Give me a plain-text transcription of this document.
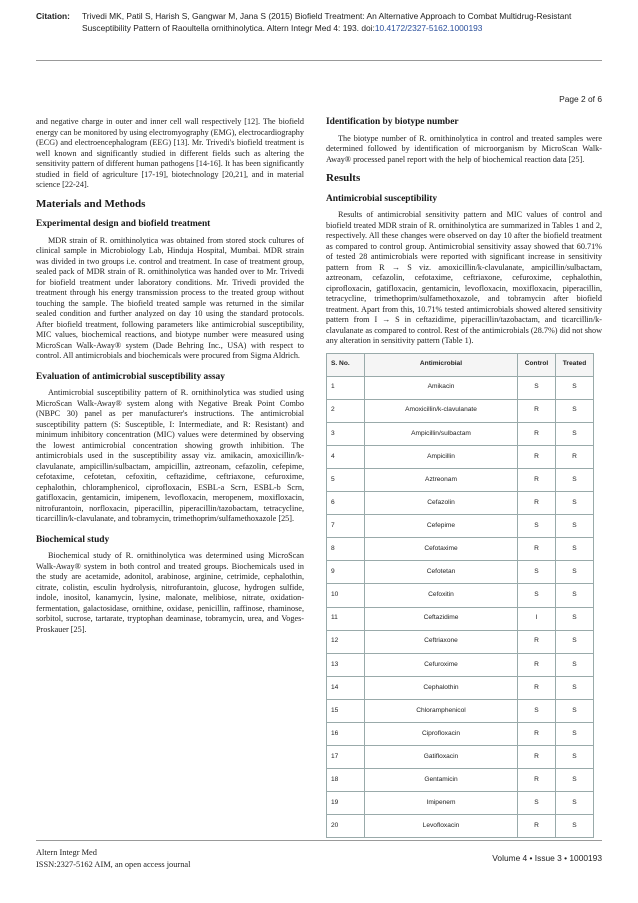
Citation: Trivedi MK, Patil S, Harish S, Gangwar M, Jana S (2015) Biofield Treatment: An Alternative Approach to Combat Multidrug-Resistant Susceptibility Pattern of Raoultella ornithinolytica. Altern Integr Med 4: 193. doi:10.4172/2327-5162.1000193
Page 2 of 6

and negative charge in outer and inner cell wall respectively [12]. The biofield energy can be monitored by using electromyography (EMG), electrocardiography (ECG) and electroencephalogram (EEG) [13]. Mr. Trivedi's biofield treatment is well known and significantly studied in different fields such as altering the sensitivity pattern of different human pathogens [14-16]. It has been significantly studied in field of agriculture [17-19], biotechnology [20,21], and in material science [22-24].

Materials and Methods
Experimental design and biofield treatment

MDR strain of R. ornithinolytica was obtained from stored stock cultures of clinical sample in Microbiology Lab, Hinduja Hospital, Mumbai. MDR strain was divided in two groups i.e. control and treatment. In case of treatment group, sealed pack of MDR strain of R. ornithinolytica was handed over to Mr. Trivedi for biofield treatment under laboratory conditions. Mr. Trivedi provided the treatment through his energy transmission process to the treated group without touching the sample. The biofield treated sample was returned in the similar sealed condition and further analyzed on day 10 using the standard protocols. After biofield treatment, following parameters like antimicrobial susceptibility, MIC values, biochemical reactions, and biotype number were measured using MicroScan Walk-Away® system (Dade Behring Inc., USA) with respect to control. All antimicrobials and biochemicals were procured from Sigma Aldrich.

Evaluation of antimicrobial susceptibility assay

Antimicrobial susceptibility pattern of R. ornithinolytica was studied using MicroScan Walk-Away® system along with Negative Break Point Combo (NBPC 30) panel as per manufacturer's instructions. The antimicrobial susceptibility pattern (S: Susceptible, I: Intermediate, and R: Resistant) and minimum inhibitory concentration (MIC) values were determined by observing the lowest antimicrobial concentration showing growth inhibition. The antimicrobials used in the susceptibility assay viz. amikacin, amoxicillin/k-clavulanate, ampicillin/sulbactam, ampicillin, aztreonam, cefazolin, cefepime, cefotaxime, cefotetan, cefoxitin, ceftazidime, ceftriaxone, cefuroxime, cephalothin, chloramphenicol, ciprofloxacin, ESBL-a Scrn, ESBL-b Scrn, gatifloxacin, gentamicin, imipenem, levofloxacin, meropenem, moxifloxacin, nitrofurantoin, norfloxacin, piperacillin, piperacillin/tazobactam, tetracycline, ticarcillin/k-clavulanate, and tobramycin, trimethoprim/sulfamethoxazole [25].

Biochemical study

Biochemical study of R. ornithinolytica was determined using MicroScan Walk-Away® system in both control and treated groups. Biochemicals used in the study are acetamide, adonitol, arabinose, arginine, cetrimide, cephalothin, citrate, colistin, esculin hydrolysis, nitrofurantoin, glucose, hydrogen sulfide, indole, inositol, kanamycin, lysine, malonate, melibiose, nitrate, oxidation-fermentation, galactosidase, ornithine, oxidase, penicillin, raffinose, rhaminose, sorbitol, sucrose, tartarate, tryptophan deaminase, tobramycin, urea, and Voges-Proskauer [25].

Identification by biotype number

The biotype number of R. ornithinolytica in control and treated samples were determined followed by identification of microorganism by MicroScan Walk-Away® processed panel report with the help of biochemical reaction data [25].

Results
Antimicrobial susceptibility

Results of antimicrobial sensitivity pattern and MIC values of control and biofield treated MDR strain of R. ornithinolytica are summarized in Tables 1 and 2, respectively. All these changes were observed on day 10 after the biofield treatment as compared to control group. Antimicrobial sensitivity assay showed that 60.71% of tested 28 antimicrobials were reported with significant increase in sensitivity pattern from R → S viz. amoxicillin/k-clavulanate, ampicillin/sulbactam, aztreonam, cefazolin, cefotaxime, ceftriaxone, cefuroxime, cephalothin, ciprofloxacin, gatifloxacin, gentamicin, levofloxacin, moxifloxacin, piperacillin, tetracycline, trimethoprim/sulfamethoxazole, and tobramycin after biofield treatment. Apart from this, 10.71% tested antimicrobials showed altered sensitivity pattern from I → S in ceftazidime, piperacillin/tazobactam, and ticarcillin/k-clavulanate as compared to control. Rest of the antimicrobials (28.7%) did not show any alteration in sensitivity pattern (Table 1).

S. No.	Antimicrobial	Control	Treated
1	Amikacin	S	S
2	Amoxicillin/k-clavulanate	R	S
3	Ampicillin/sulbactam	R	S
4	Ampicillin	R	R
5	Aztreonam	R	S
6	Cefazolin	R	S
7	Cefepime	S	S
8	Cefotaxime	R	S
9	Cefotetan	S	S
10	Cefoxitin	S	S
11	Ceftazidime	I	S
12	Ceftriaxone	R	S
13	Cefuroxime	R	S
14	Cephalothin	R	S
15	Chloramphenicol	S	S
16	Ciprofloxacin	R	S
17	Gatifloxacin	R	S
18	Gentamicin	R	S
19	Imipenem	S	S
20	Levofloxacin	R	S
Altern Integr Med
ISSN:2327-5162 AIM, an open access journal
Volume 4 • Issue 3 • 1000193
